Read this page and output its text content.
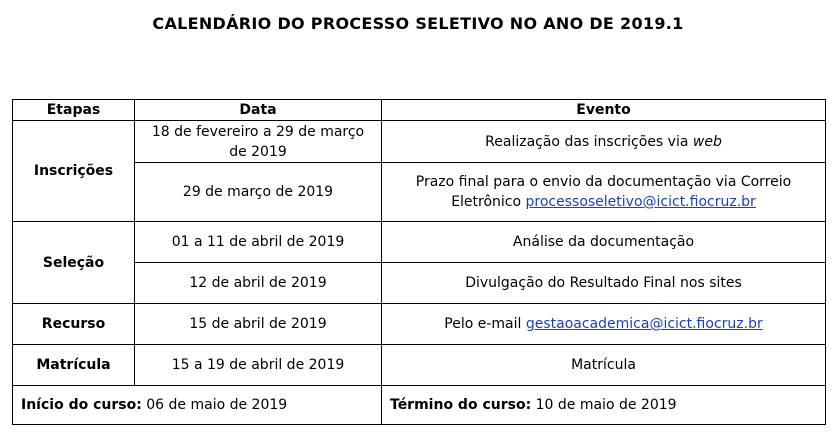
CALENDÁRIO DO PROCESSO SELETIVO NO ANO DE 2019.1
Etapas	Data	Evento
Inscrições	18 de fevereiro a 29 de março de 2019	Realização das inscrições via web
	29 de março de 2019	Prazo final para o envio da documentação via Correio Eletrônico processoseletivo@icict.fiocruz.br
Seleção	01 a 11 de abril de 2019	Análise da documentação
	12 de abril de 2019	Divulgação do Resultado Final nos sites
Recurso	15 de abril de 2019	Pelo e-mail gestaoacademica@icict.fiocruz.br
Matrícula	15 a 19 de abril de 2019	Matrícula
Início do curso: 06 de maio de 2019		Término do curso: 10 de maio de 2019
